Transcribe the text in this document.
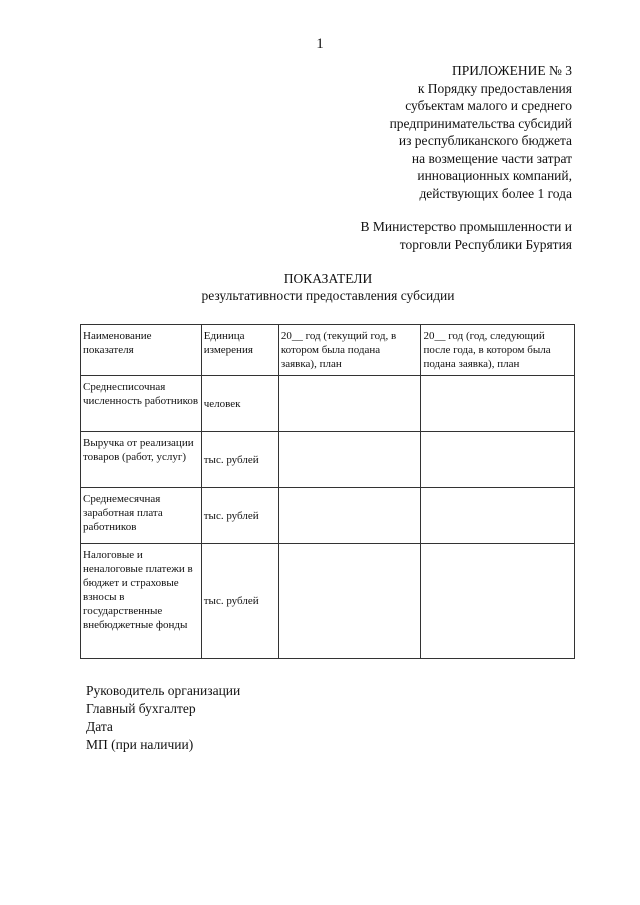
1
ПРИЛОЖЕНИЕ № 3
к Порядку предоставления
субъектам малого и среднего
предпринимательства субсидий
из республиканского бюджета
на возмещение части затрат
инновационных компаний,
действующих более 1 года
В Министерство промышленности и
торговли Республики Бурятия
ПОКАЗАТЕЛИ
результативности предоставления субсидии
Наименование показателя	Единица измерения	20__ год (текущий год, в котором была подана заявка), план	20__ год (год, следующий после года, в котором была подана заявка), план
Среднесписочная численность работников	человек		
Выручка от реализации товаров (работ, услуг)	тыс. рублей		
Среднемесячная заработная плата работников	тыс. рублей		
Налоговые и неналоговые платежи в бюджет и страховые взносы в государственные внебюджетные фонды	тыс. рублей		
Руководитель организации
Главный бухгалтер
Дата
МП (при наличии)
